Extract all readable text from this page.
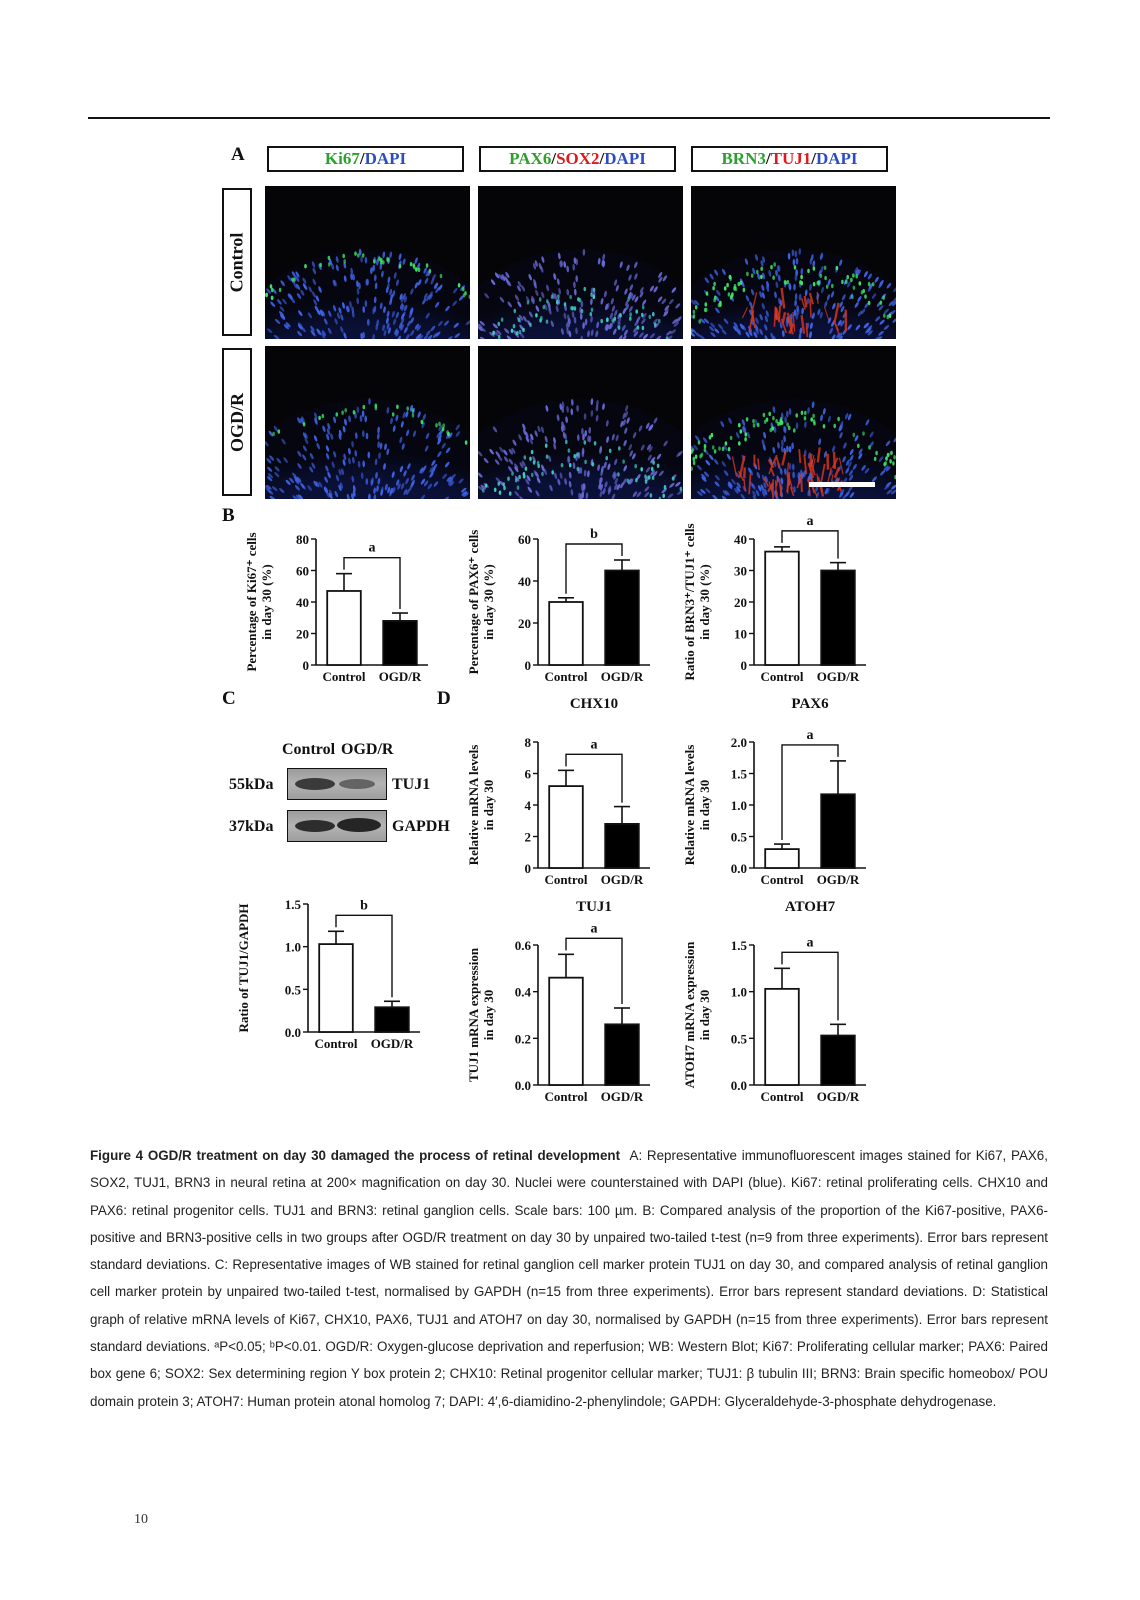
A
B
C	D
Ki67 / DAPI	PAX6 / SOX2 / DAPI	BRN3 / TUJ1 / DAPI
Control
OGD/R
Percentage of Ki67⁺ cells in day 30 (%)
0
20
40
60
80
Control OGD/R
a	Percentage of PAX6⁺ cells in day 30 (%)
0
20
40
60
Control OGD/R
b	Ratio of BRN3⁺/TUJ1⁺ cells in day 30 (%)
0
10
20
30
40
Control OGD/R
a
Ratio of TUJ1/GAPDH	0.0
0.5
1.0
1.5
Control OGD/R
b
CHX10
Relative mRNA levels in day 30
0
2
4
6
8
Control OGD/R
a
PAX6
Relative mRNA levels in day 30
0.0
0.5
1.0
1.5
2.0
Control OGD/R
a
TUJ1
TUJ1 mRNA expression in day 30
0.0
0.2
0.4
0.6
Control OGD/R
a
ATOH7
ATOH7 mRNA expression in day 30
0.0
0.5
1.0
1.5
Control OGD/R
a
Control OGD/R
55kDa
37kDa
TUJ1
GAPDH
Figure 4 OGD/R treatment on day 30 damaged the process of retinal development A: Representative immunofluorescent images stained for Ki67, PAX6, SOX2, TUJ1, BRN3 in neural retina at 200× magnification on day 30. Nuclei were counterstained with DAPI (blue). Ki67: retinal proliferating cells. CHX10 and PAX6: retinal progenitor cells. TUJ1 and BRN3: retinal ganglion cells. Scale bars: 100 µm. B: Compared analysis of the proportion of the Ki67-positive, PAX6-positive and BRN3-positive cells in two groups after OGD/R treatment on day 30 by unpaired two-tailed t-test (n=9 from three experiments). Error bars represent standard deviations. C: Representative images of WB stained for retinal ganglion cell marker protein TUJ1 on day 30, and compared analysis of retinal ganglion cell marker protein by unpaired two-tailed t-test, normalised by GAPDH (n=15 from three experiments). Error bars represent standard deviations. D: Statistical graph of relative mRNA levels of Ki67, CHX10, PAX6, TUJ1 and ATOH7 on day 30, normalised by GAPDH (n=15 from three experiments). Error bars represent standard deviations. ᵃP<0.05; ᵇP<0.01. OGD/R: Oxygen-glucose deprivation and reperfusion; WB: Western Blot; Ki67: Proliferating cellular marker; PAX6: Paired box gene 6; SOX2: Sex determining region Y box protein 2; CHX10: Retinal progenitor cellular marker; TUJ1: β tubulin III; BRN3: Brain specific homeobox/ POU domain protein 3; ATOH7: Human protein atonal homolog 7; DAPI: 4′,6-diamidino-2-phenylindole; GAPDH: Glyceraldehyde-3-phosphate dehydrogenase.
10
